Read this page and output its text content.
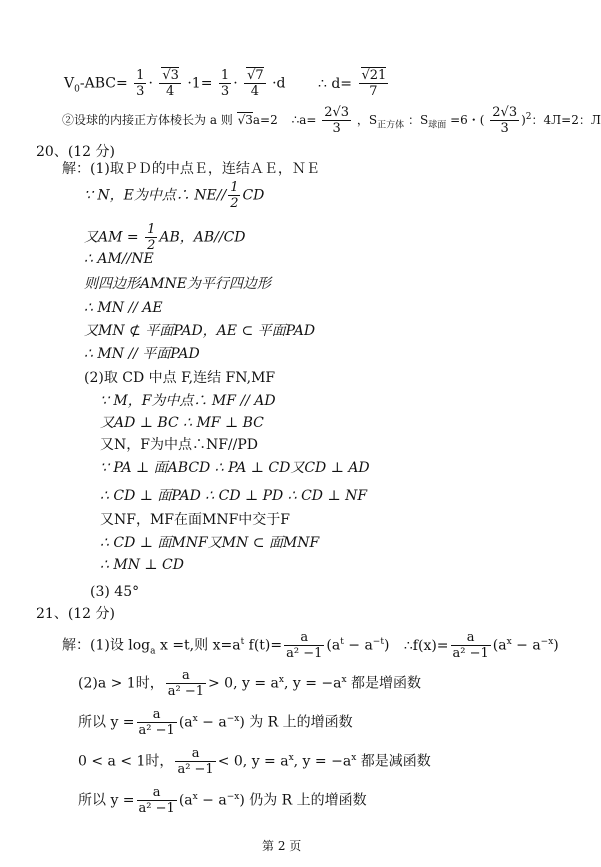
$V_0-ABC= \frac{1}{3} \cdot \frac{√3}{4} \cdot 1= \frac{1}{3} \cdot \frac{√7}{4} \cdot d$ ∴ $d= \frac{√21}{7}$
②设球的内接正方体棱长为 a 则 √3a=2 ∴a= $\frac{2√3}{3}$ ，$S_{正方体}$ ：$S_{球面} =6$・( $\frac{2√3}{3} )^2$：4Л=2：Л
20、(12 分)
解：(1)取ＰＤ的中点Ｅ，连结ＡＥ，ＮＥ
∵ N，E为中点∴ $NE// \frac{1}{2}$ CD
又AM = $\frac{1}{2}$ AB，AB//CD
∴ AM//NE
则四边形AMNE为平行四边形
∴ MN // AE
又MN ⊄ 平面PAD，AE ⊂ 平面PAD
∴ MN // 平面PAD
(2)取 CD 中点 F,连结 FN,MF
∵ M，F为中点∴ MF // AD
又AD ⊥ BC ∴ MF ⊥ BC
又N，F为中点∴NF//PD
∵ PA ⊥ 面ABCD ∴ PA ⊥ CD又CD ⊥ AD
∴ CD ⊥ 面PAD ∴ CD ⊥ PD ∴ CD ⊥ NF
又NF，MF在面MNF中交于F
∴ CD ⊥ 面MNF又MN ⊂ 面MNF
∴ MN ⊥ CD
(3) 45°
21、(12 分)
解：(1)设 $\log_a x =t$,则 $x=a^t$ $f(t)= \frac{a}{\text{a² −1}} (a^t - a^{-t})$ ∴f(x)= $\frac{a}{\text{a² −1}} (a^x - a^{-x})$
(2)a > 1时， $\frac{a}{\text{a² −1}} > 0$, $y = a^x$, $y = -a^x$ 都是增函数
所以 $y = \frac{a}{\text{a² −1}} (a^x - a^{-x})$ 为 R 上的增函数
0 < a < 1时， $\frac{a}{\text{a² −1}} < 0$, $y = a^x$, $y = -a^x$ 都是减函数
所以 $y = \frac{a}{\text{a² −1}} (a^x - a^{-x})$ 仍为 R 上的增函数
第 2 页
